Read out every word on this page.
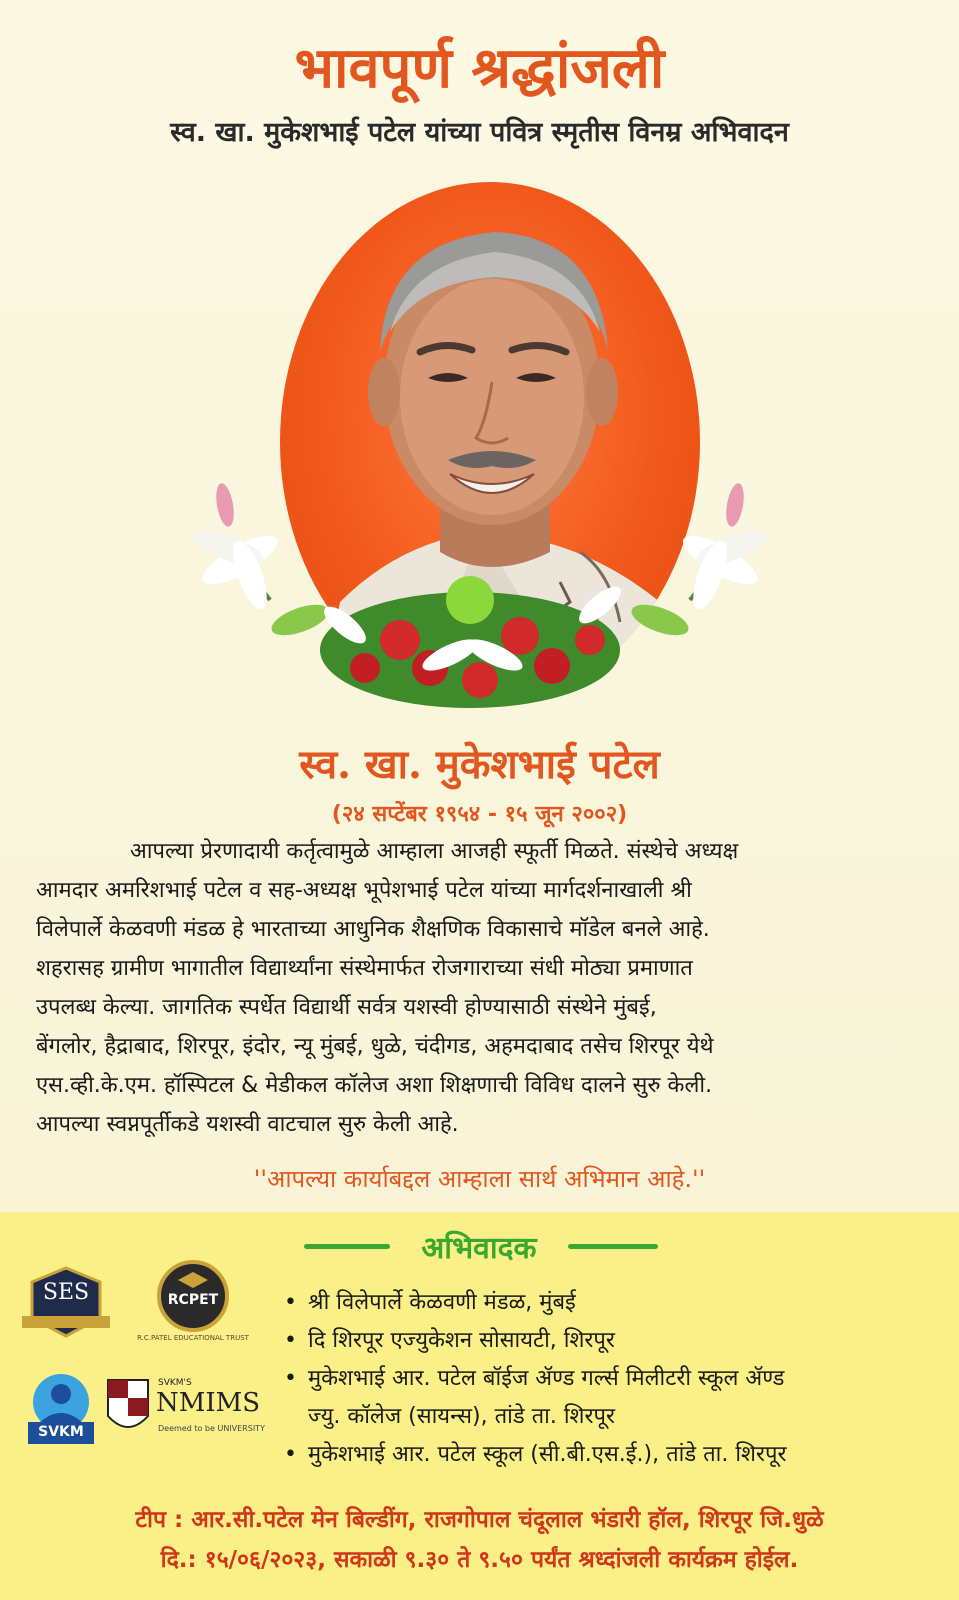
भावपूर्ण श्रद्धांजली
स्व. खा. मुकेशभाई पटेल यांच्या पवित्र स्मृतीस विनम्र अभिवादन
स्व. खा. मुकेशभाई पटेल
(२४ सप्टेंबर १९५४ - १५ जून २००२)
आपल्या प्रेरणादायी कर्तृत्वामुळे आम्हाला आजही स्फूर्ती मिळते. संस्थेचे अध्यक्ष
आमदार अमरिशभाई पटेल व सह-अध्यक्ष भूपेशभाई पटेल यांच्या मार्गदर्शनाखाली श्री
विलेपार्ले केळवणी मंडळ हे भारताच्या आधुनिक शैक्षणिक विकासाचे मॉडेल बनले आहे.
शहरासह ग्रामीण भागातील विद्यार्थ्यांना संस्थेमार्फत रोजगाराच्या संधी मोठ्या प्रमाणात
उपलब्ध केल्या. जागतिक स्पर्धेत विद्यार्थी सर्वत्र यशस्वी होण्यासाठी संस्थेने मुंबई,
बेंगलोर, हैद्राबाद, शिरपूर, इंदोर, न्यू मुंबई, धुळे, चंदीगड, अहमदाबाद तसेच शिरपूर येथे
एस.व्ही.के.एम. हॉस्पिटल & मेडीकल कॉलेज अशा शिक्षणाची विविध दालने सुरु केली.
आपल्या स्वप्नपूर्तीकडे यशस्वी वाटचाल सुरु केली आहे.
''आपल्या कार्याबद्दल आम्हाला सार्थ अभिमान आहे.''
अभिवादक
SES	RCPET
R.C.PATEL EDUCATIONAL TRUST
SVKM
SVKM'S
NMIMS
Deemed to be UNIVERSITY
• श्री विलेपार्ले केळवणी मंडळ, मुंबई
• दि शिरपूर एज्युकेशन सोसायटी, शिरपूर
• मुकेशभाई आर. पटेल बॉईज ॲण्ड गर्ल्स मिलीटरी स्कूल ॲण्ड
ज्यु. कॉलेज (सायन्स), तांडे ता. शिरपूर
• मुकेशभाई आर. पटेल स्कूल (सी.बी.एस.ई.), तांडे ता. शिरपूर
टीप : आर.सी.पटेल मेन बिल्डींग, राजगोपाल चंदूलाल भंडारी हॉल, शिरपूर जि.धुळे
दि.: १५/०६/२०२३, सकाळी ९.३० ते ९.५० पर्यंत श्रध्दांजली कार्यक्रम होईल.
